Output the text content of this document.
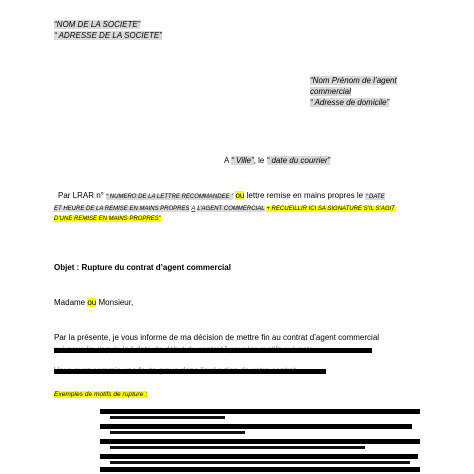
“NOM DE LA SOCIETE”

“ ADRESSE DE LA SOCIETE”

“Nom Prénom de l’agent

commercial

“ Adresse de domicile”

A “ Ville”, le “ date du courrier”

Par LRAR n° “ NUMERO DE LA LETTRE RECOMMANDEE ” ou lettre remise en mains propres le “ DATE

ET HEURE DE LA REMISE EN MAINS PROPRES A L’AGENT COMMERCIAL + RECUEILLIR ICI SA SIGNATURE S’IL S’AGIT

D’UNE REMISE EN MAINS PROPRES”

Objet : Rupture du contrat d’agent commercial

Madame ou Monsieur,

Par la présente, je vous informe de ma décision de mettre fin au contrat d’agent commercial

Exemples de motifs de rupture :
